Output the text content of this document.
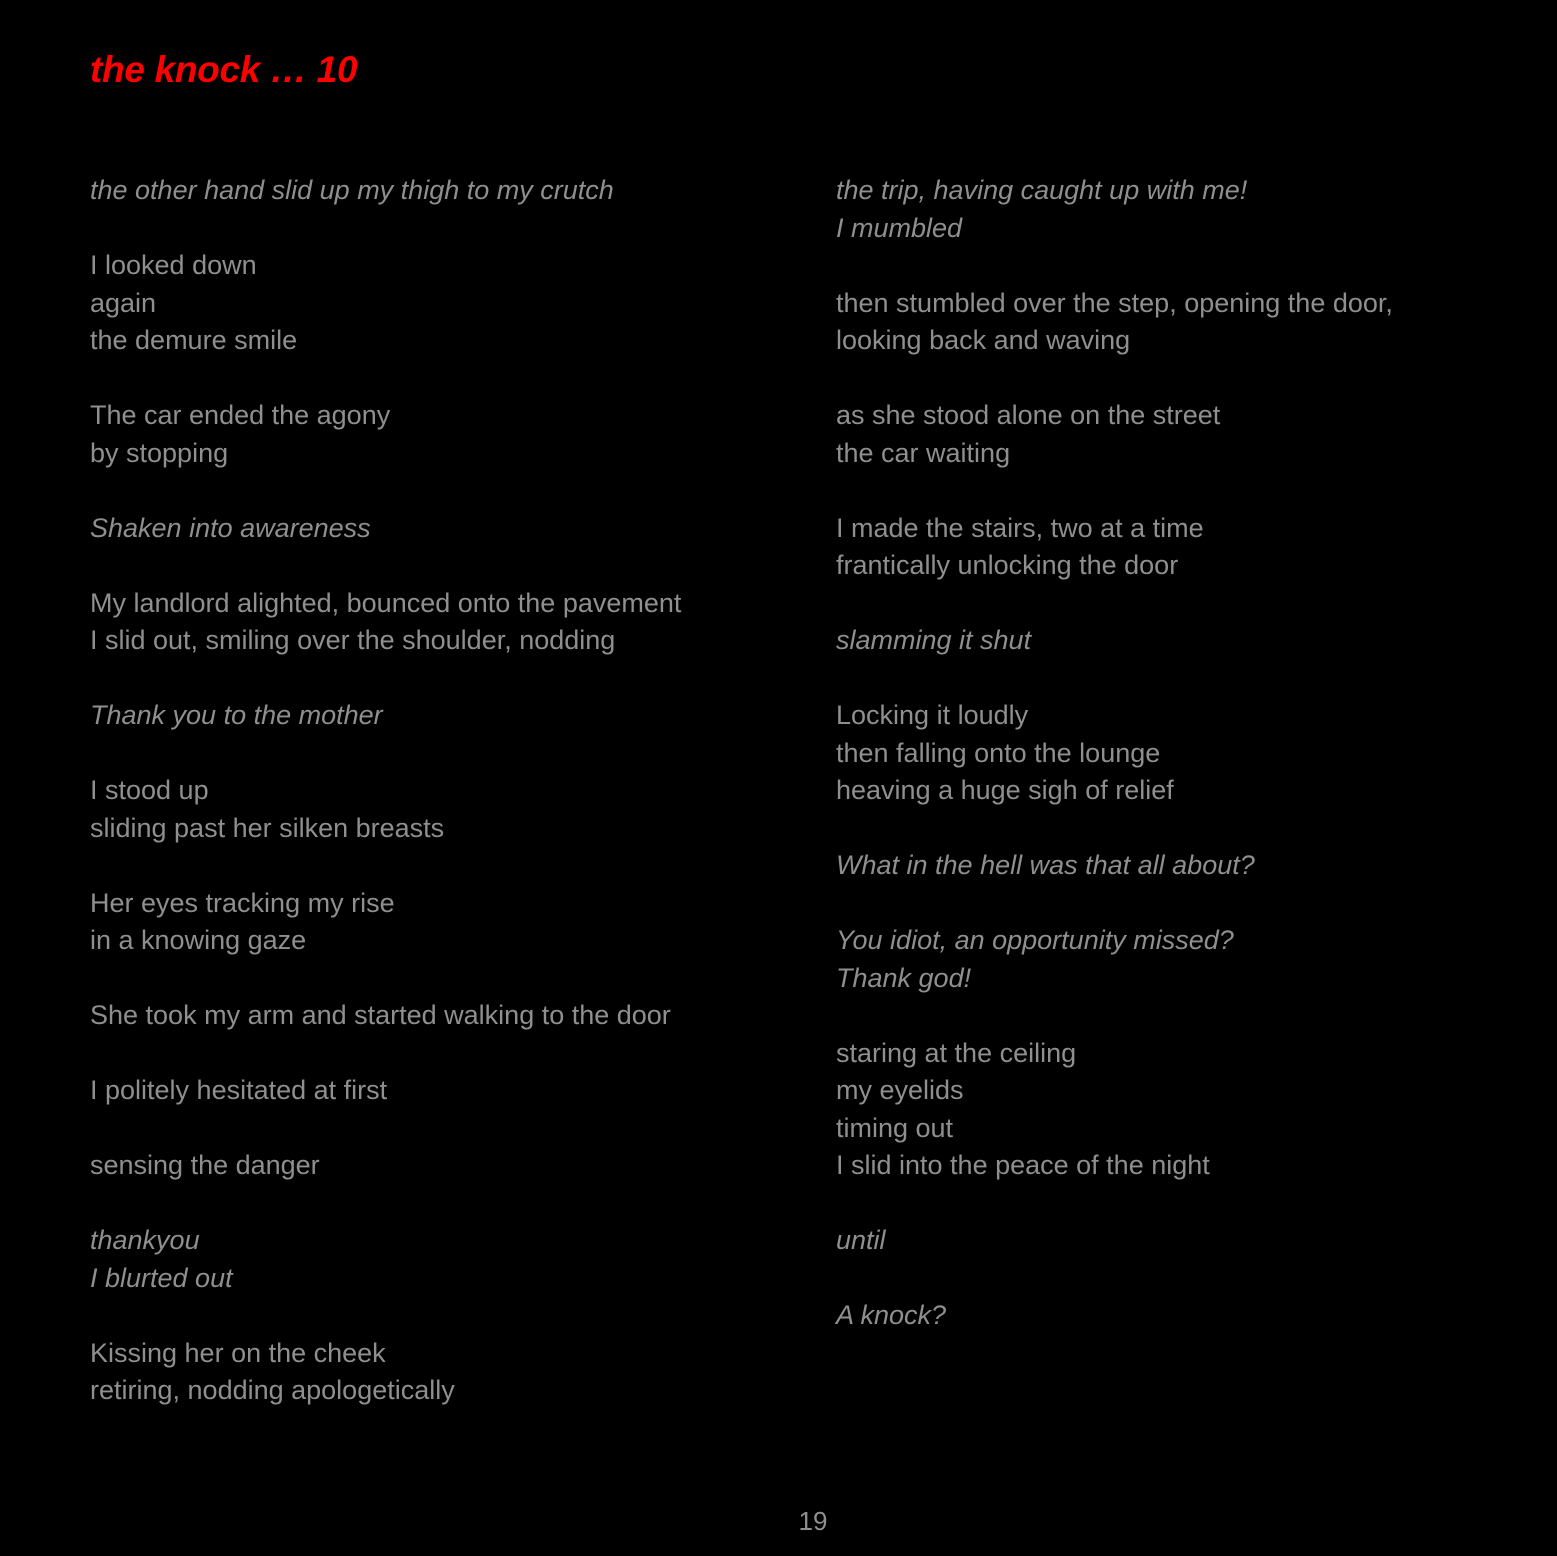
the knock … 10
the other hand slid up my thigh to my crutch
I looked down
again
the demure smile
The car ended the agony
by stopping
Shaken into awareness
My landlord alighted, bounced onto the pavement
I slid out, smiling over the shoulder, nodding
Thank you to the mother
I stood up
sliding past her silken breasts
Her eyes tracking my rise
in a knowing gaze
She took my arm and started walking to the door
I politely hesitated at first
sensing the danger
thankyou
I blurted out
Kissing her on the cheek
retiring, nodding apologetically
the trip, having caught up with me!
I mumbled
then stumbled over the step, opening the door,
looking back and waving
as she stood alone on the street
the car waiting
I made the stairs, two at a time
frantically unlocking the door
slamming it shut
Locking it loudly
then falling onto the lounge
heaving a huge sigh of relief
What in the hell was that all about?
You idiot, an opportunity missed?
Thank god!
staring at the ceiling
my eyelids
timing out
I slid into the peace of the night
until
A knock?
19
